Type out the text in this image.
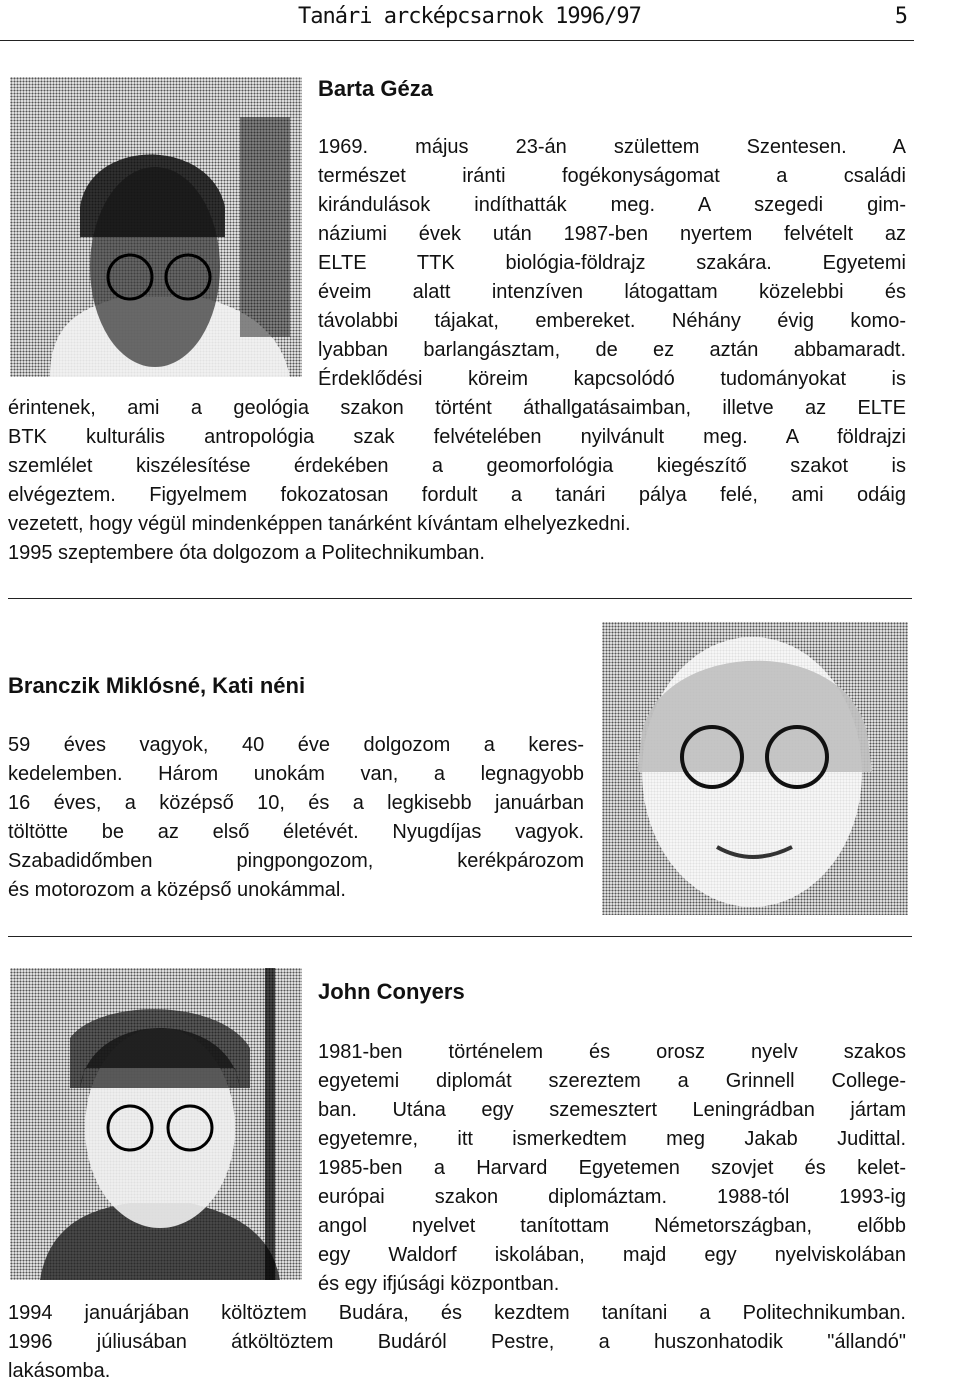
Tanári arcképcsarnok 1996/97	5
Barta Géza
1969. május 23-án születtem Szentesen. A
természet iránti fogékonyságomat a családi
kirándulások indíthatták meg. A szegedi gim-
náziumi évek után 1987-ben nyertem felvételt az
ELTE TTK biológia-földrajz szakára. Egyetemi
éveim alatt intenzíven látogattam közelebbi és
távolabbi tájakat, embereket. Néhány évig komo-
lyabban barlangásztam, de ez aztán abbamaradt.
Érdeklődési köreim kapcsolódó tudományokat is
érintenek, ami a geológia szakon történt áthallgatásaimban, illetve az ELTE
BTK kulturális antropológia szak felvételében nyilvánult meg. A földrajzi
szemlélet kiszélesítése érdekében a geomorfológia kiegészítő szakot is
elvégeztem. Figyelmem fokozatosan fordult a tanári pálya felé, ami odáig
vezetett, hogy végül mindenképpen tanárként kívántam elhelyezkedni.
1995 szeptembere óta dolgozom a Politechnikumban.
Branczik Miklósné, Kati néni
59 éves vagyok, 40 éve dolgozom a keres-
kedelemben. Három unokám van, a legnagyobb
16 éves, a középső 10, és a legkisebb januárban
töltötte be az első életévét. Nyugdíjas vagyok.
Szabadidőmben pingpongozom, kerékpározom
és motorozom a középső unokámmal.
John Conyers
1981-ben történelem és orosz nyelv szakos
egyetemi diplomát szereztem a Grinnell College-
ban. Utána egy szemesztert Leningrádban jártam
egyetemre, itt ismerkedtem meg Jakab Judittal.
1985-ben a Harvard Egyetemen szovjet és kelet-
európai szakon diplomáztam. 1988-tól 1993-ig
angol nyelvet tanítottam Németországban, előbb
egy Waldorf iskolában, majd egy nyelviskolában
és egy ifjúsági központban.
1994 januárjában költöztem Budára, és kezdtem tanítani a Politechnikumban.
1996 júliusában átköltöztem Budáról Pestre, a huszonhatodik "állandó"
lakásomba.
